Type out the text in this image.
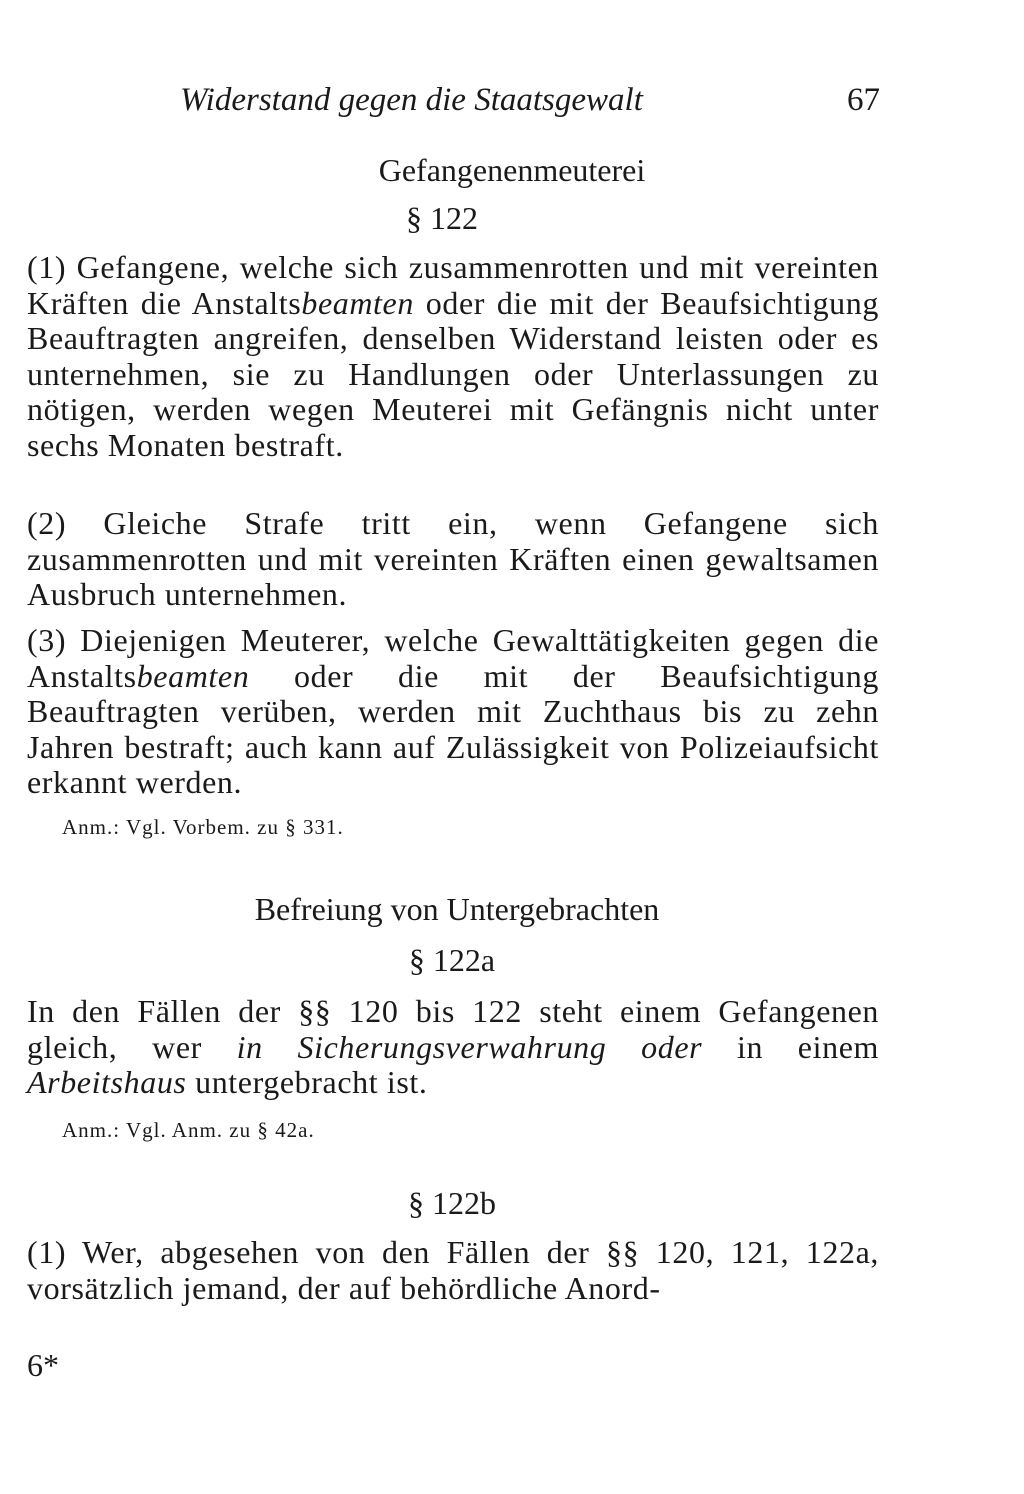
Widerstand gegen die Staatsgewalt	67
Gefangenenmeuterei
§ 122

(1) Gefangene, welche sich zusammenrotten und mit vereinten Kräften die Anstaltsbeamten oder die mit der Beaufsichtigung Beauftragten angreifen, denselben Widerstand leisten oder es unternehmen, sie zu Handlungen oder Unterlassungen zu nötigen, werden wegen Meuterei mit Gefängnis nicht unter sechs Monaten bestraft.

(2) Gleiche Strafe tritt ein, wenn Gefangene sich zusammenrotten und mit vereinten Kräften einen gewaltsamen Ausbruch unternehmen.

(3) Diejenigen Meuterer, welche Gewalttätigkeiten gegen die Anstaltsbeamten oder die mit der Beaufsichtigung Beauftragten verüben, werden mit Zuchthaus bis zu zehn Jahren bestraft; auch kann auf Zulässigkeit von Polizeiaufsicht erkannt werden.

Anm.: Vgl. Vorbem. zu § 331.
Befreiung von Untergebrachten
§ 122a

In den Fällen der §§ 120 bis 122 steht einem Gefangenen gleich, wer in Sicherungsverwahrung oder in einem Arbeitshaus untergebracht ist.

Anm.: Vgl. Anm. zu § 42a.
§ 122b

(1) Wer, abgesehen von den Fällen der §§ 120, 121, 122a, vorsätzlich jemand, der auf behördliche Anord-

6*
